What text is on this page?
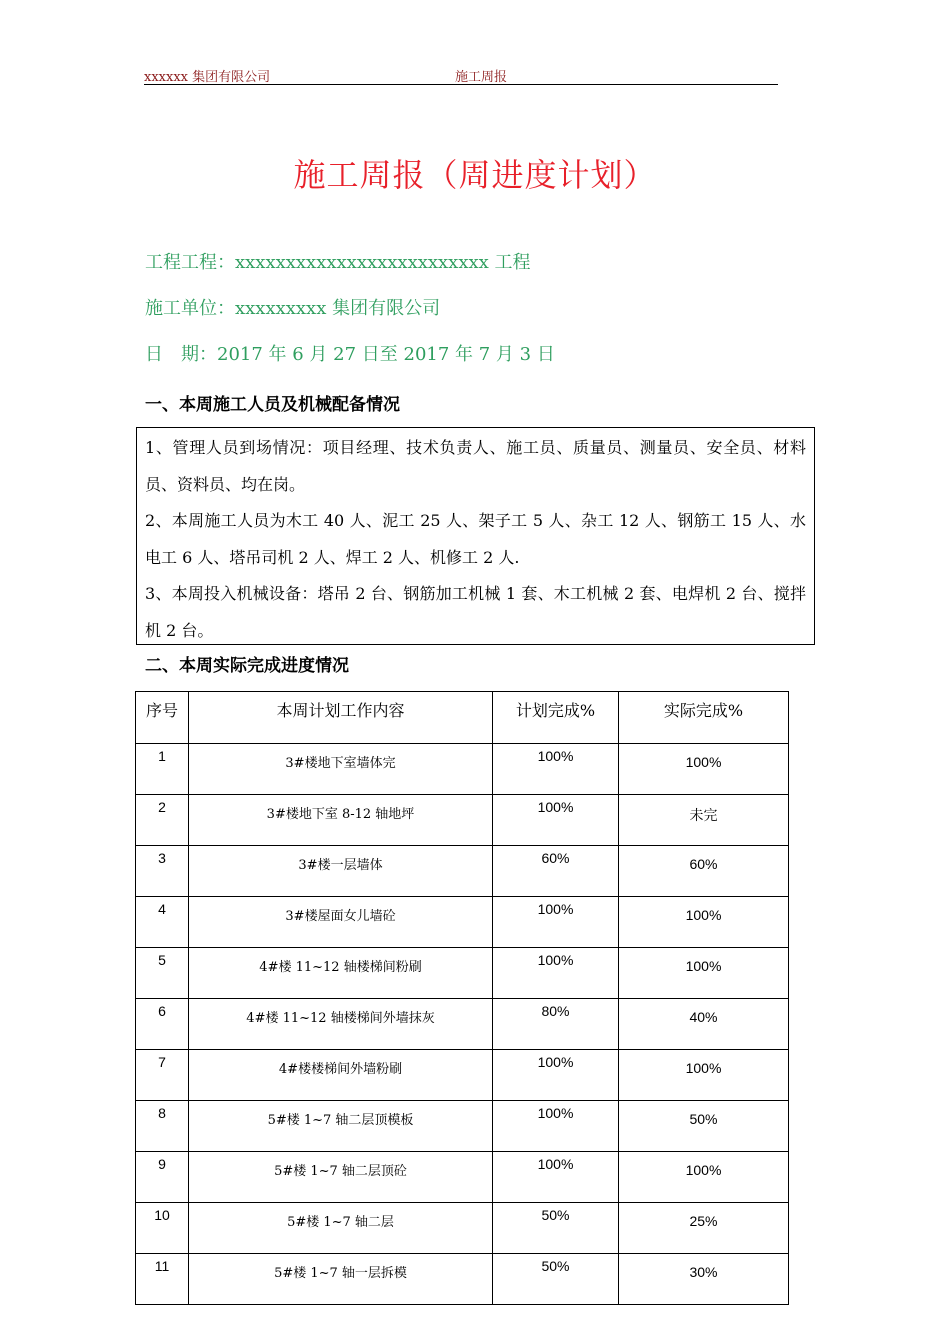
xxxxxx 集团有限公司	施工周报
施工周报（周进度计划）
工程工程：xxxxxxxxxxxxxxxxxxxxxxxxx 工程
施工单位：xxxxxxxxx 集团有限公司
日　期：2017 年 6 月 27 日至 2017 年 7 月 3 日
一、本周施工人员及机械配备情况

1、管理人员到场情况：项目经理、技术负责人、施工员、质量员、测量员、安全员、材料员、资料员、均在岗。

2、本周施工人员为木工 40 人、泥工 25 人、架子工 5 人、杂工 12 人、钢筋工 15 人、水电工 6 人、塔吊司机 2 人、焊工 2 人、机修工 2 人.

3、本周投入机械设备：塔吊 2 台、钢筋加工机械 1 套、木工机械 2 套、电焊机 2 台、搅拌机 2 台。

二、本周实际完成进度情况
序号	本周计划工作内容	计划完成%	实际完成%
1	3#楼地下室墙体完	100%	100%
2	3#楼地下室 8-12 轴地坪	100%	未完
3	3#楼一层墙体	60%	60%
4	3#楼屋面女儿墙砼	100%	100%
5	4#楼 11~12 轴楼梯间粉刷	100%	100%
6	4#楼 11~12 轴楼梯间外墙抹灰	80%	40%
7	4#楼楼梯间外墙粉刷	100%	100%
8	5#楼 1~7 轴二层顶模板	100%	50%
9	5#楼 1~7 轴二层顶砼	100%	100%
10	5#楼 1~7 轴二层	50%	25%
11	5#楼 1~7 轴一层拆模	50%	30%
